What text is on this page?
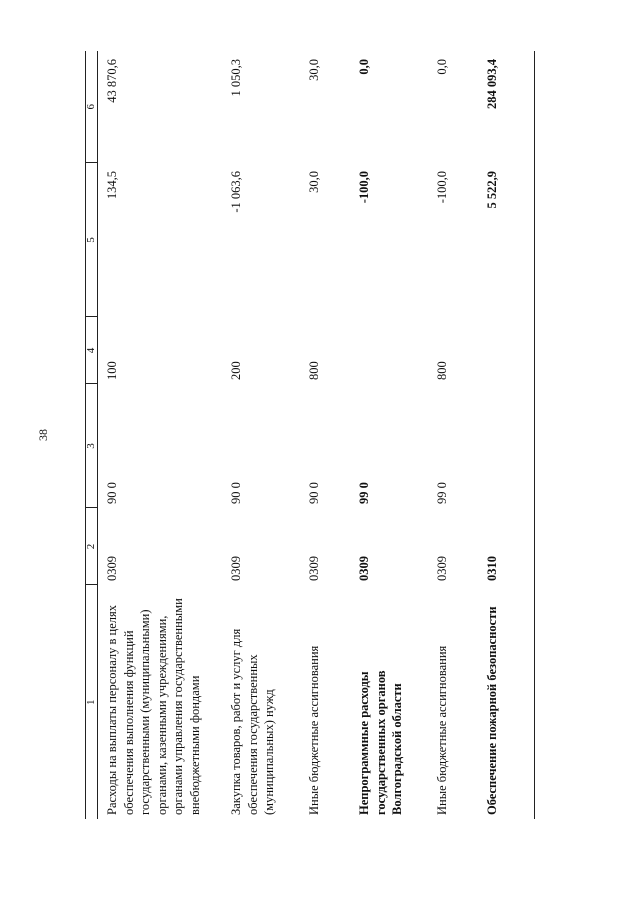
38
1	2	3	4	5	6
Расходы на выплаты персоналу в целях обеспечения выполнения функций государственными (муниципальными) органами, казенными учреждениями, органами управления государственными внебюджетными фондами	0309	90 0	100	134,5	43 870,6
Закупка товаров, работ и услуг для обеспечения государственных (муниципальных) нужд	0309	90 0	200	-1 063,6	1 050,3
Иные бюджетные ассигнования	0309	90 0	800	30,0	30,0
Непрограммные расходы государственных органов Волгоградской области	0309	99 0		-100,0	0,0
Иные бюджетные ассигнования	0309	99 0	800	-100,0	0,0
Обеспечение пожарной безопасности	0310			5 522,9	284 093,4
